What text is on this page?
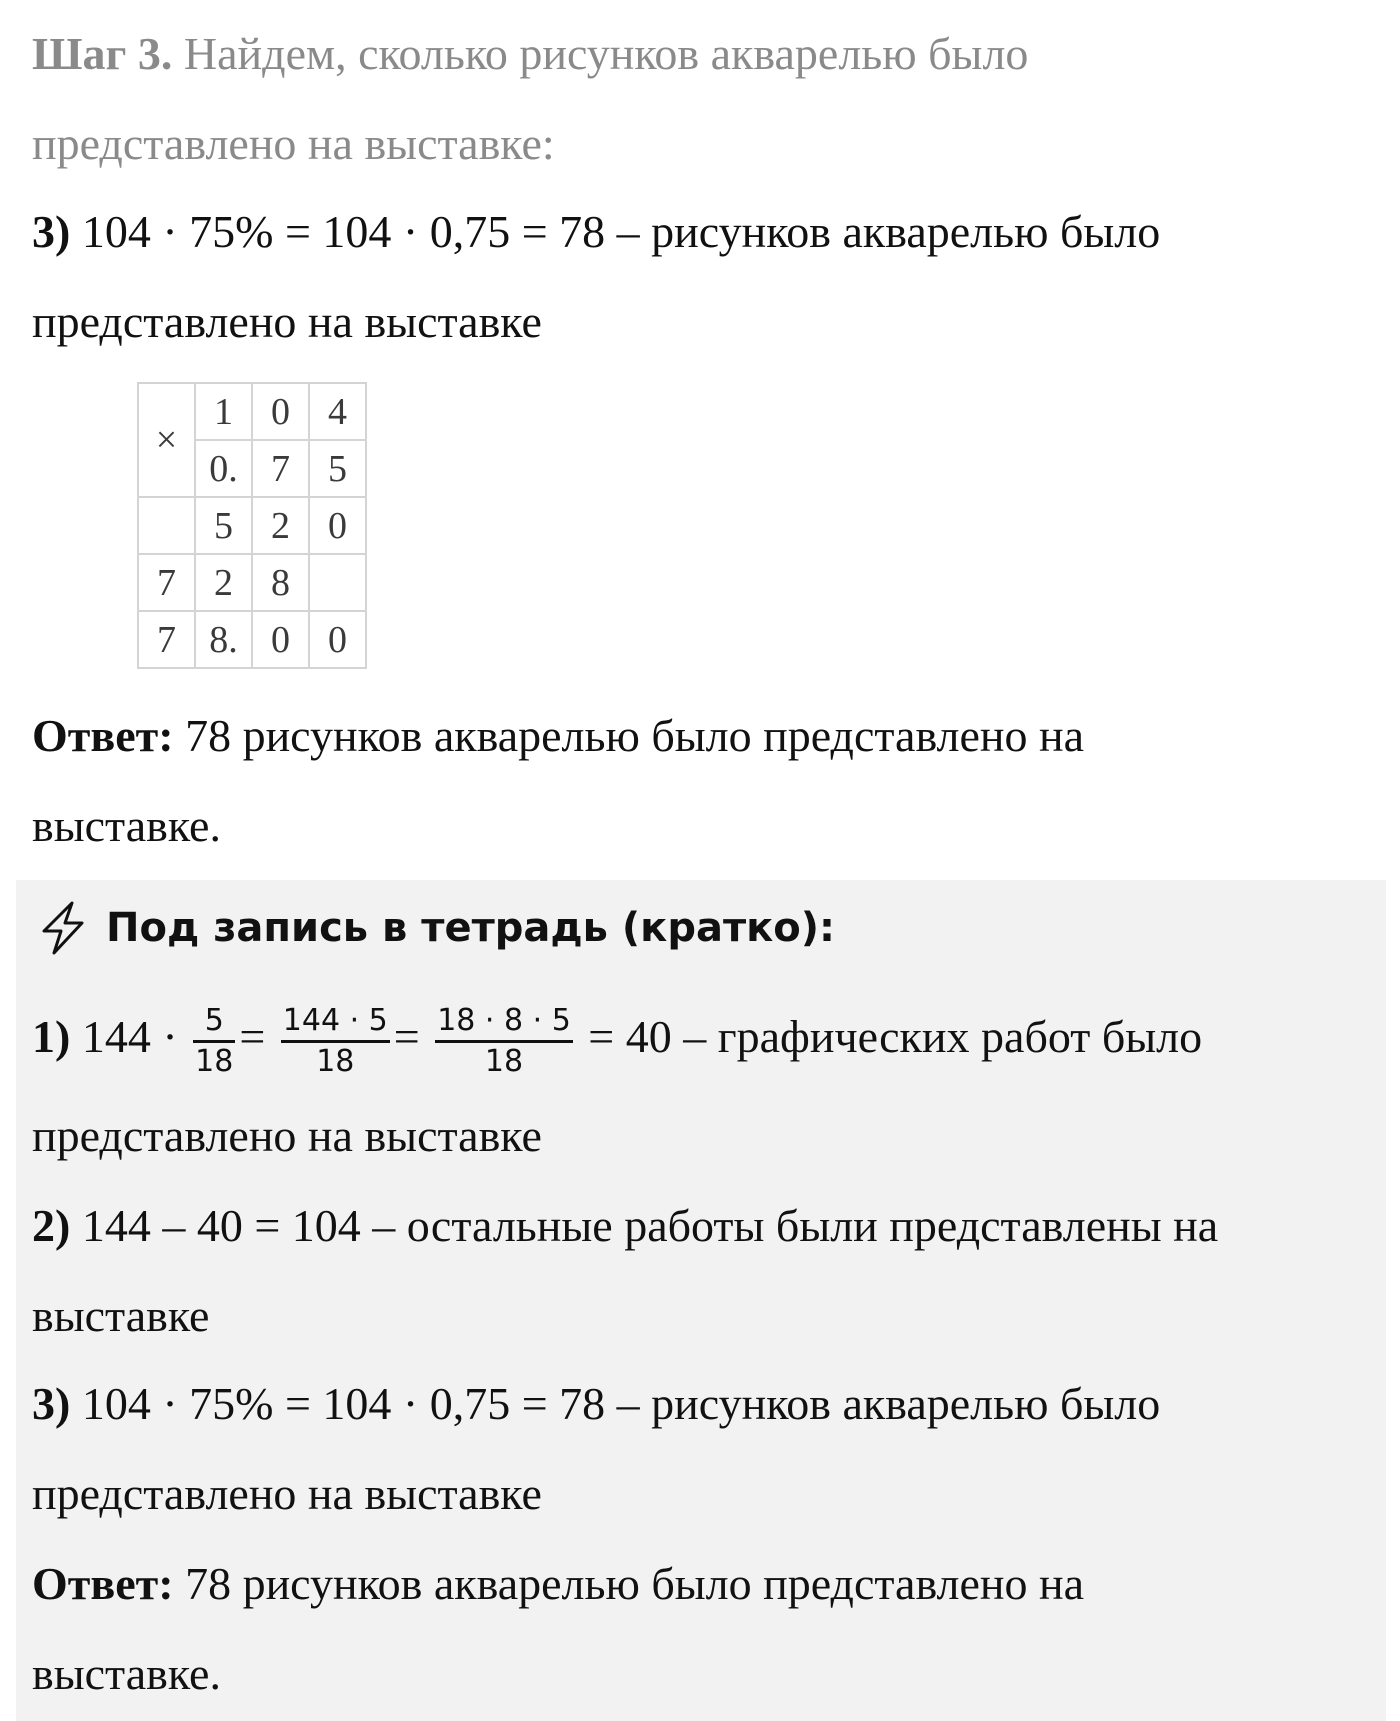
Шаг 3. Найдем, сколько рисунков акварелью было
представлено на выставке:
3) 104 · 75% = 104 · 0,75 = 78 – рисунков акварелью было
представлено на выставке
×	1	0	4
	0.	7	5
	5	2	0
7	2	8	
7	8.	0	0
Ответ: 78 рисунков акварелью было представлено на
выставке.
Под запись в тетрадь (кратко):
1) $144 \cdot \frac{5}{18} = \frac{144 \cdot 5}{18} = \frac{18 \cdot 8 \cdot 5}{18} = 40$ – графических работ было
представлено на выставке
2) 144 – 40 = 104 – остальные работы были представлены на
выставке
3) 104 · 75% = 104 · 0,75 = 78 – рисунков акварелью было
представлено на выставке
Ответ: 78 рисунков акварелью было представлено на
выставке.
